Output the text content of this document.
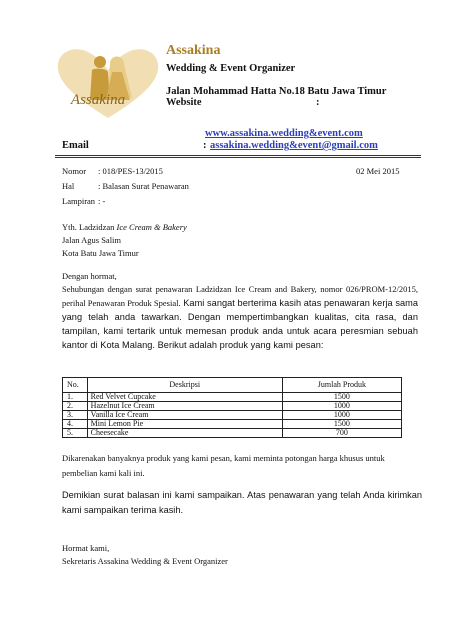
Assakina
Assakina
Wedding & Event Organizer
Jalan Mohammad Hatta No.18 Batu Jawa Timur
Website	:
www.assakina.wedding&event.com
Email	: assakina.wedding&event@gmail.com
Nomor : 018/PES-13/2015	02 Mei 2015
Hal	: Balasan Surat Penawaran
Lampiran : -
Yth. Ladzidzan Ice Cream & Bakery
Jalan Agus Salim
Kota Batu Jawa Timur
Dengan hormat,
Sehubungan dengan surat penawaran Ladzidzan Ice Cream and Bakery, nomor 026/PROM-12/2015, perihal Penawaran Produk Spesial. Kami sangat berterima kasih atas penawaran kerja sama yang telah anda tawarkan. Dengan mempertimbangkan kualitas, cita rasa, dan tampilan, kami tertarik untuk memesan produk anda untuk acara peresmian sebuah kantor di Kota Malang. Berikut adalah produk yang kami pesan:
No.	Deskripsi	Jumlah Produk
1.	Red Velvet Cupcake	1500
2.	Hazelnut Ice Cream	1000
3.	Vanilla Ice Cream	1000
4.	Mini Lemon Pie	1500
5.	Cheesecake	700
Dikarenakan banyaknya produk yang kami pesan, kami meminta potongan harga khusus untuk pembelian kami kali ini.
Demikian surat balasan ini kami sampaikan. Atas penawaran yang telah Anda kirimkan kami sampaikan terima kasih.
Hormat kami,
Sekretaris Assakina Wedding & Event Organizer
